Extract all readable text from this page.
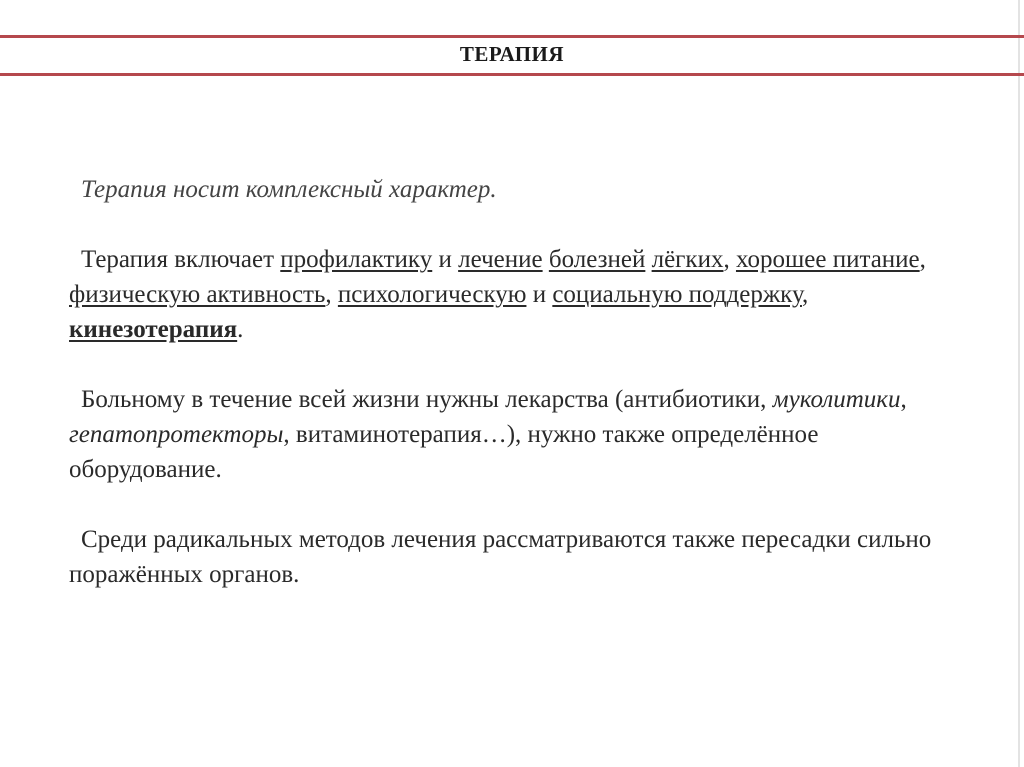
ТЕРАПИЯ

Терапия носит комплексный характер.

Терапия включает профилактику и лечение болезней лёгких, хорошее питание, физическую активность, психологическую и социальную поддержку, кинезотерапия.

Больному в течение всей жизни нужны лекарства (антибиотики, муколитики, гепатопротекторы, витаминотерапия…), нужно также определённое оборудование.

Среди радикальных методов лечения рассматриваются также пересадки сильно поражённых органов.
